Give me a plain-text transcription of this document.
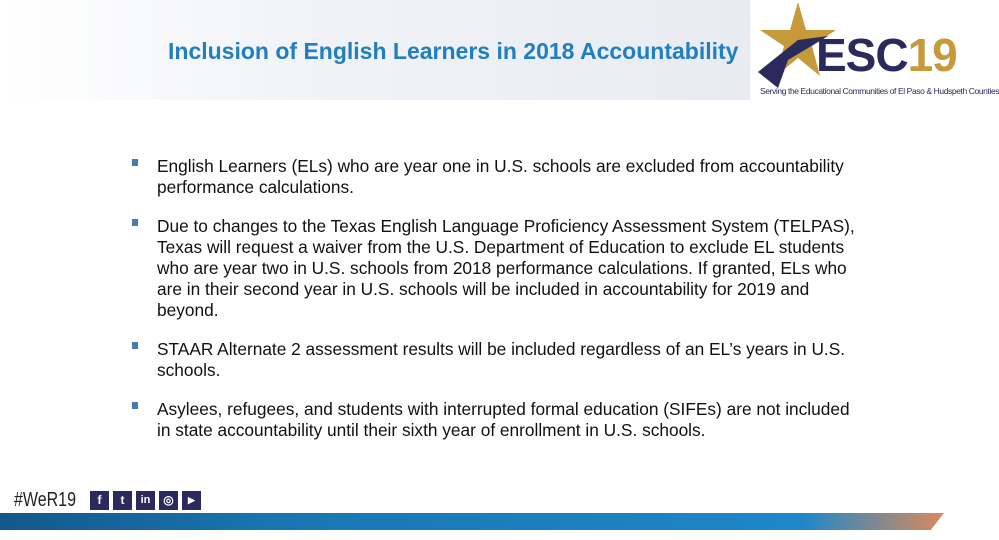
Inclusion of English Learners in 2018 Accountability ESC19
Serving the Educational Communities of El Paso & Hudspeth Counties
English Learners (ELs) who are year one in U.S. schools are excluded from accountability performance calculations.
Due to changes to the Texas English Language Proficiency Assessment System (TELPAS), Texas will request a waiver from the U.S. Department of Education to exclude EL students who are year two in U.S. schools from 2018 performance calculations. If granted, ELs who are in their second year in U.S. schools will be included in accountability for 2019 and beyond.
STAAR Alternate 2 assessment results will be included regardless of an EL’s years in U.S. schools.
Asylees, refugees, and students with interrupted formal education (SIFEs) are not included in state accountability until their sixth year of enrollment in U.S. schools.
#WeR19	f	t	in	◎	▶
